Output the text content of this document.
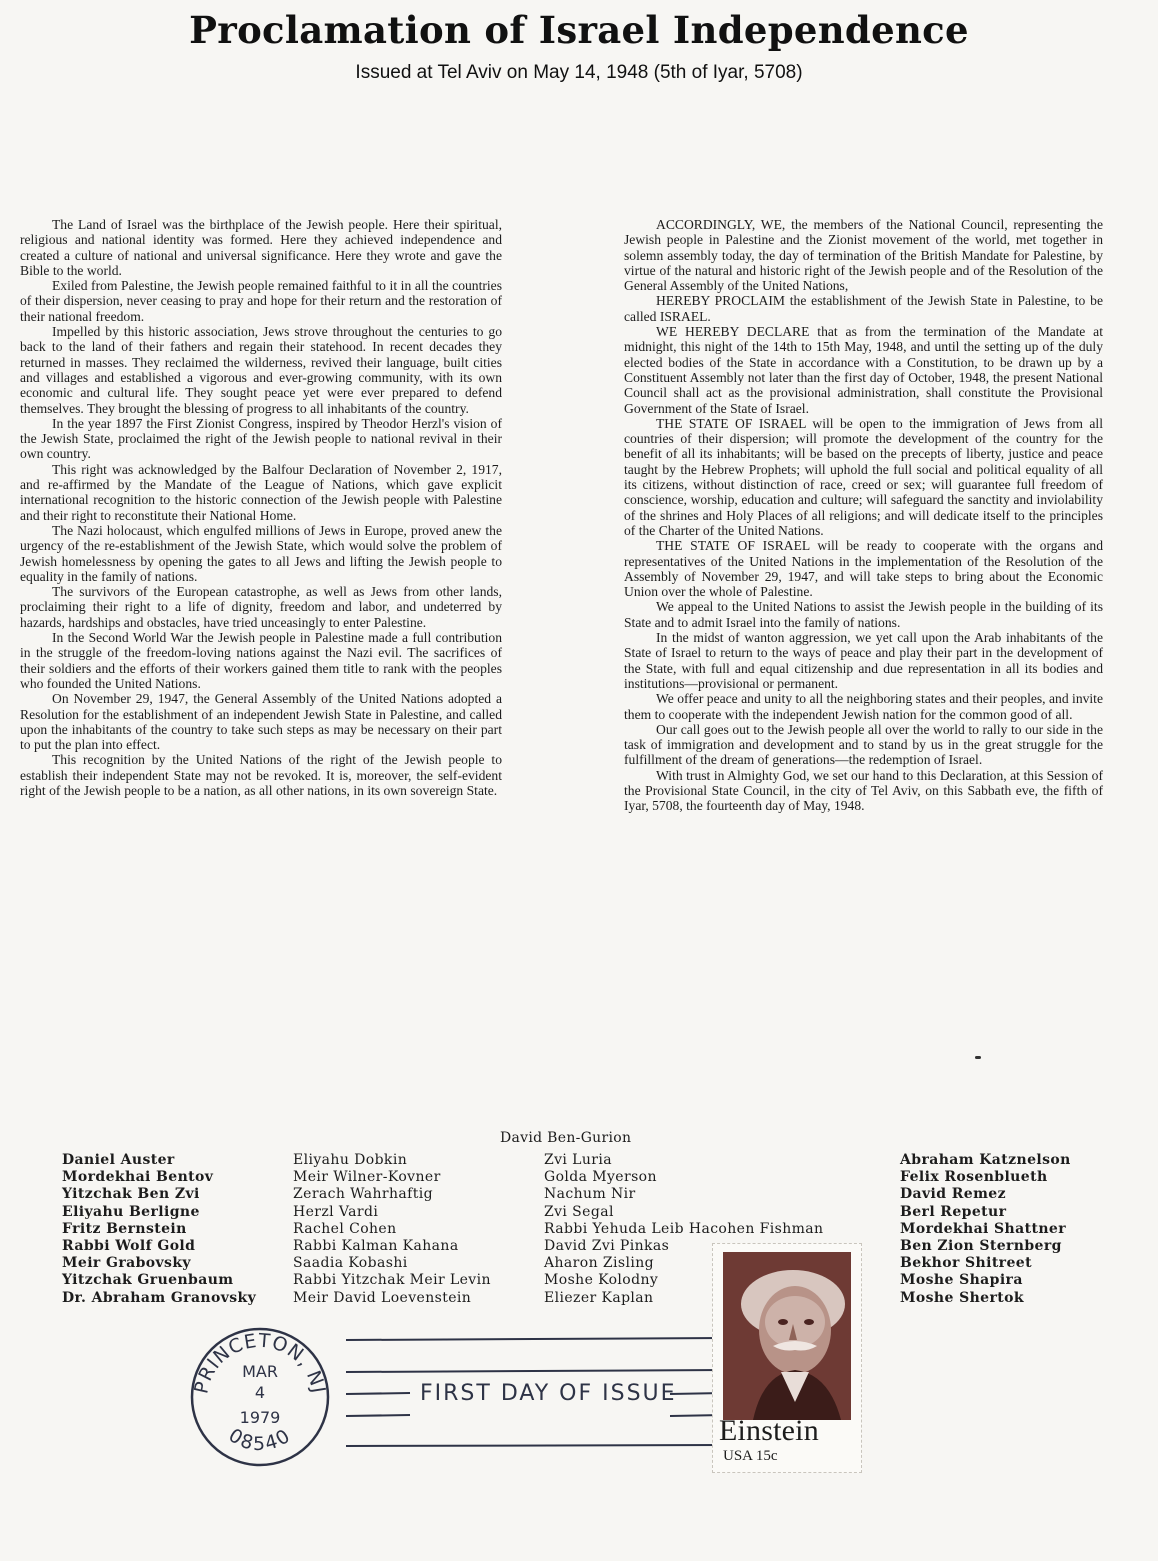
Proclamation of Israel Independence
Issued at Tel Aviv on May 14, 1948 (5th of Iyar, 5708)

The Land of Israel was the birthplace of the Jewish people. Here their spiritual, religious and national identity was formed. Here they achieved independence and created a culture of national and universal significance. Here they wrote and gave the Bible to the world.

Exiled from Palestine, the Jewish people remained faithful to it in all the countries of their dispersion, never ceasing to pray and hope for their return and the restoration of their national freedom.

Impelled by this historic association, Jews strove throughout the centuries to go back to the land of their fathers and regain their statehood. In recent decades they returned in masses. They reclaimed the wilderness, revived their language, built cities and villages and established a vigorous and ever-growing community, with its own economic and cultural life. They sought peace yet were ever prepared to defend themselves. They brought the blessing of progress to all inhabitants of the country.

In the year 1897 the First Zionist Congress, inspired by Theodor Herzl's vision of the Jewish State, proclaimed the right of the Jewish people to national revival in their own country.

This right was acknowledged by the Balfour Declaration of November 2, 1917, and re-affirmed by the Mandate of the League of Nations, which gave explicit international recognition to the historic connection of the Jewish people with Palestine and their right to reconstitute their National Home.

The Nazi holocaust, which engulfed millions of Jews in Europe, proved anew the urgency of the re-establishment of the Jewish State, which would solve the problem of Jewish homelessness by opening the gates to all Jews and lifting the Jewish people to equality in the family of nations.

The survivors of the European catastrophe, as well as Jews from other lands, proclaiming their right to a life of dignity, freedom and labor, and undeterred by hazards, hardships and obstacles, have tried unceasingly to enter Palestine.

In the Second World War the Jewish people in Palestine made a full contribution in the struggle of the freedom-loving nations against the Nazi evil. The sacrifices of their soldiers and the efforts of their workers gained them title to rank with the peoples who founded the United Nations.

On November 29, 1947, the General Assembly of the United Nations adopted a Resolution for the establishment of an independent Jewish State in Palestine, and called upon the inhabitants of the country to take such steps as may be necessary on their part to put the plan into effect.

This recognition by the United Nations of the right of the Jewish people to establish their independent State may not be revoked. It is, moreover, the self-evident right of the Jewish people to be a nation, as all other nations, in its own sovereign State.

ACCORDINGLY, WE, the members of the National Council, representing the Jewish people in Palestine and the Zionist movement of the world, met together in solemn assembly today, the day of termination of the British Mandate for Palestine, by virtue of the natural and historic right of the Jewish people and of the Resolution of the General Assembly of the United Nations,

HEREBY PROCLAIM the establishment of the Jewish State in Palestine, to be called ISRAEL.

WE HEREBY DECLARE that as from the termination of the Mandate at midnight, this night of the 14th to 15th May, 1948, and until the setting up of the duly elected bodies of the State in accordance with a Constitution, to be drawn up by a Constituent Assembly not later than the first day of October, 1948, the present National Council shall act as the provisional administration, shall constitute the Provisional Government of the State of Israel.

THE STATE OF ISRAEL will be open to the immigration of Jews from all countries of their dispersion; will promote the development of the country for the benefit of all its inhabitants; will be based on the precepts of liberty, justice and peace taught by the Hebrew Prophets; will uphold the full social and political equality of all its citizens, without distinction of race, creed or sex; will guarantee full freedom of conscience, worship, education and culture; will safeguard the sanctity and inviolability of the shrines and Holy Places of all religions; and will dedicate itself to the principles of the Charter of the United Nations.

THE STATE OF ISRAEL will be ready to cooperate with the organs and representatives of the United Nations in the implementation of the Resolution of the Assembly of November 29, 1947, and will take steps to bring about the Economic Union over the whole of Palestine.

We appeal to the United Nations to assist the Jewish people in the building of its State and to admit Israel into the family of nations.

In the midst of wanton aggression, we yet call upon the Arab inhabitants of the State of Israel to return to the ways of peace and play their part in the development of the State, with full and equal citizenship and due representation in all its bodies and institutions—provisional or permanent.

We offer peace and unity to all the neighboring states and their peoples, and invite them to cooperate with the independent Jewish nation for the common good of all.

Our call goes out to the Jewish people all over the world to rally to our side in the task of immigration and development and to stand by us in the great struggle for the fulfillment of the dream of generations—the redemption of Israel.

With trust in Almighty God, we set our hand to this Declaration, at this Session of the Provisional State Council, in the city of Tel Aviv, on this Sabbath eve, the fifth of Iyar, 5708, the fourteenth day of May, 1948.

David Ben-Gurion
Daniel Auster
Mordekhai Bentov
Yitzchak Ben Zvi
Eliyahu Berligne
Fritz Bernstein
Rabbi Wolf Gold
Meir Grabovsky
Yitzchak Gruenbaum
Dr. Abraham Granovsky
Eliyahu Dobkin
Meir Wilner-Kovner
Zerach Wahrhaftig
Herzl Vardi
Rachel Cohen
Rabbi Kalman Kahana
Saadia Kobashi
Rabbi Yitzchak Meir Levin
Meir David Loevenstein
Zvi Luria
Golda Myerson
Nachum Nir
Zvi Segal
Rabbi Yehuda Leib Hacohen Fishman
David Zvi Pinkas
Aharon Zisling
Moshe Kolodny
Eliezer Kaplan
Abraham Katznelson
Felix Rosenblueth
David Remez
Berl Repetur
Mordekhai Shattner
Ben Zion Sternberg
Bekhor Shitreet
Moshe Shapira
Moshe Shertok
FIRST DAY OF ISSUE
PRINCETON, NJ
08540
MAR
4
1979	Einstein
USA 15c
